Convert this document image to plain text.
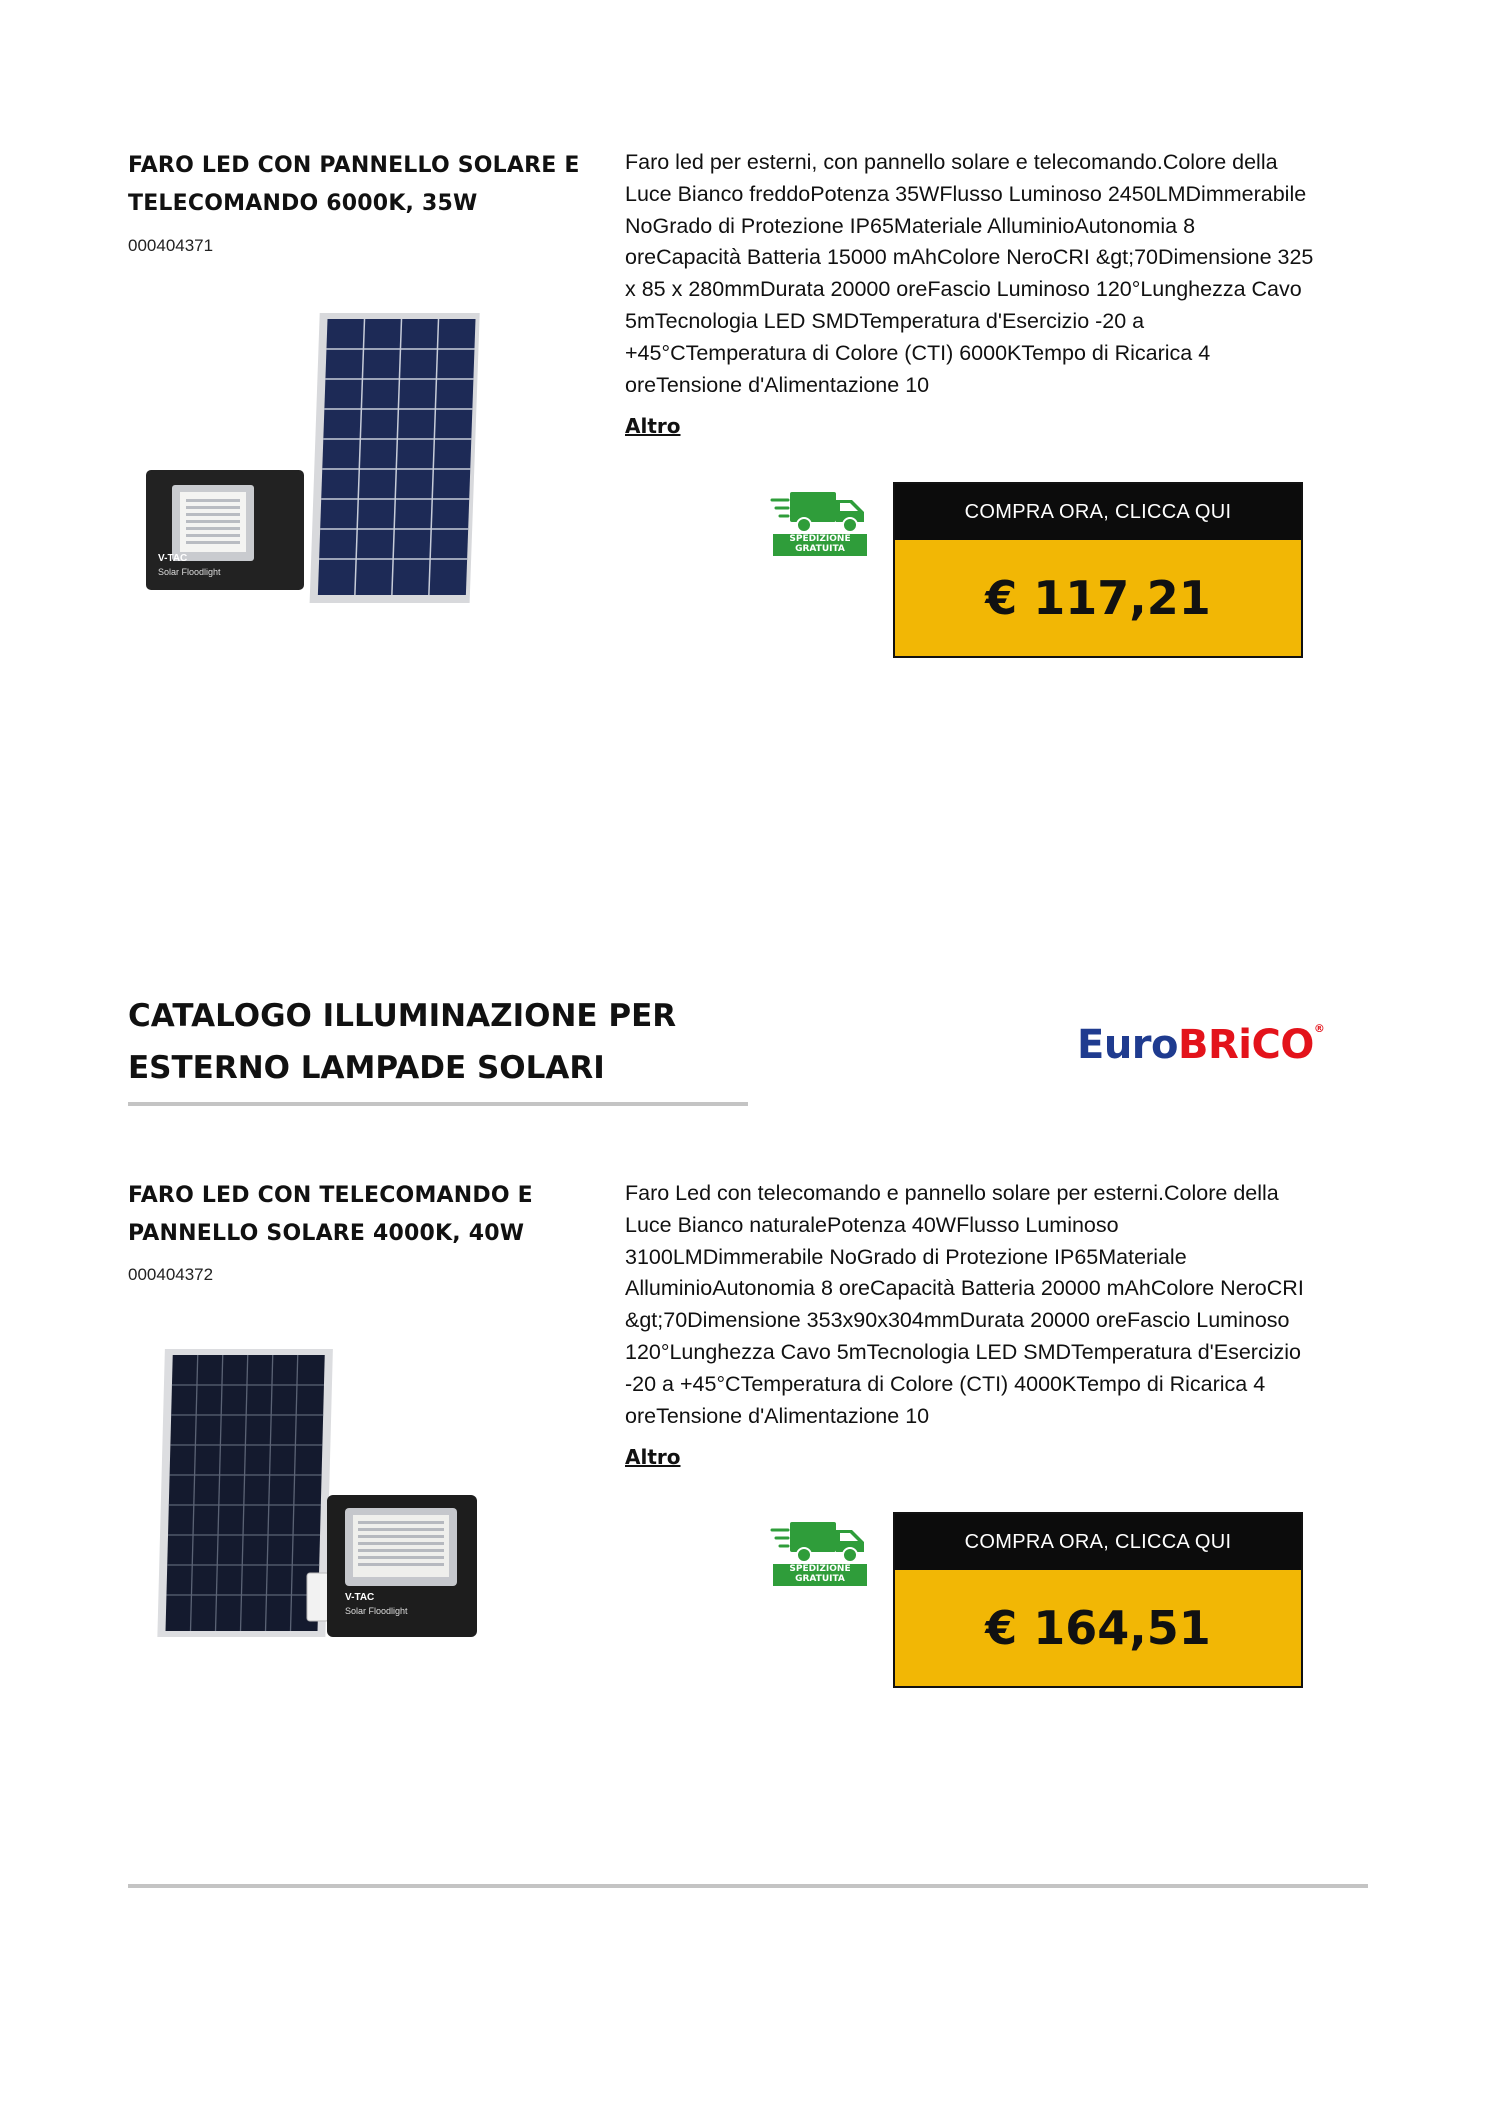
FARO LED CON PANNELLO SOLARE E TELECOMANDO 6000K, 35W
000404371
V-TAC
Solar Floodlight
Faro led per esterni, con pannello solare e telecomando.Colore della Luce Bianco freddoPotenza 35WFlusso Luminoso 2450LMDimmerabile NoGrado di Protezione IP65Materiale AlluminioAutonomia 8 oreCapacità Batteria 15000 mAhColore NeroCRI &gt;70Dimensione 325 x 85 x 280mmDurata 20000 oreFascio Luminoso 120°Lunghezza Cavo 5mTecnologia LED SMDTemperatura d'Esercizio -20 a +45°CTemperatura di Colore (CTI) 6000KTempo di Ricarica 4 oreTensione d'Alimentazione 10
Altro
SPEDIZIONE GRATUITA
COMPRA ORA, CLICCA QUI
€ 117,21
CATALOGO ILLUMINAZIONE PER ESTERNO LAMPADE SOLARI	EuroBRiCO®
FARO LED CON TELECOMANDO E PANNELLO SOLARE 4000K, 40W
000404372
V-TAC
Solar Floodlight
Faro Led con telecomando e pannello solare per esterni.Colore della Luce Bianco naturalePotenza 40WFlusso Luminoso 3100LMDimmerabile NoGrado di Protezione IP65Materiale AlluminioAutonomia 8 oreCapacità Batteria 20000 mAhColore NeroCRI &gt;70Dimensione 353x90x304mmDurata 20000 oreFascio Luminoso 120°Lunghezza Cavo 5mTecnologia LED SMDTemperatura d'Esercizio -20 a +45°CTemperatura di Colore (CTI) 4000KTempo di Ricarica 4 oreTensione d'Alimentazione 10
Altro
SPEDIZIONE GRATUITA
COMPRA ORA, CLICCA QUI
€ 164,51
